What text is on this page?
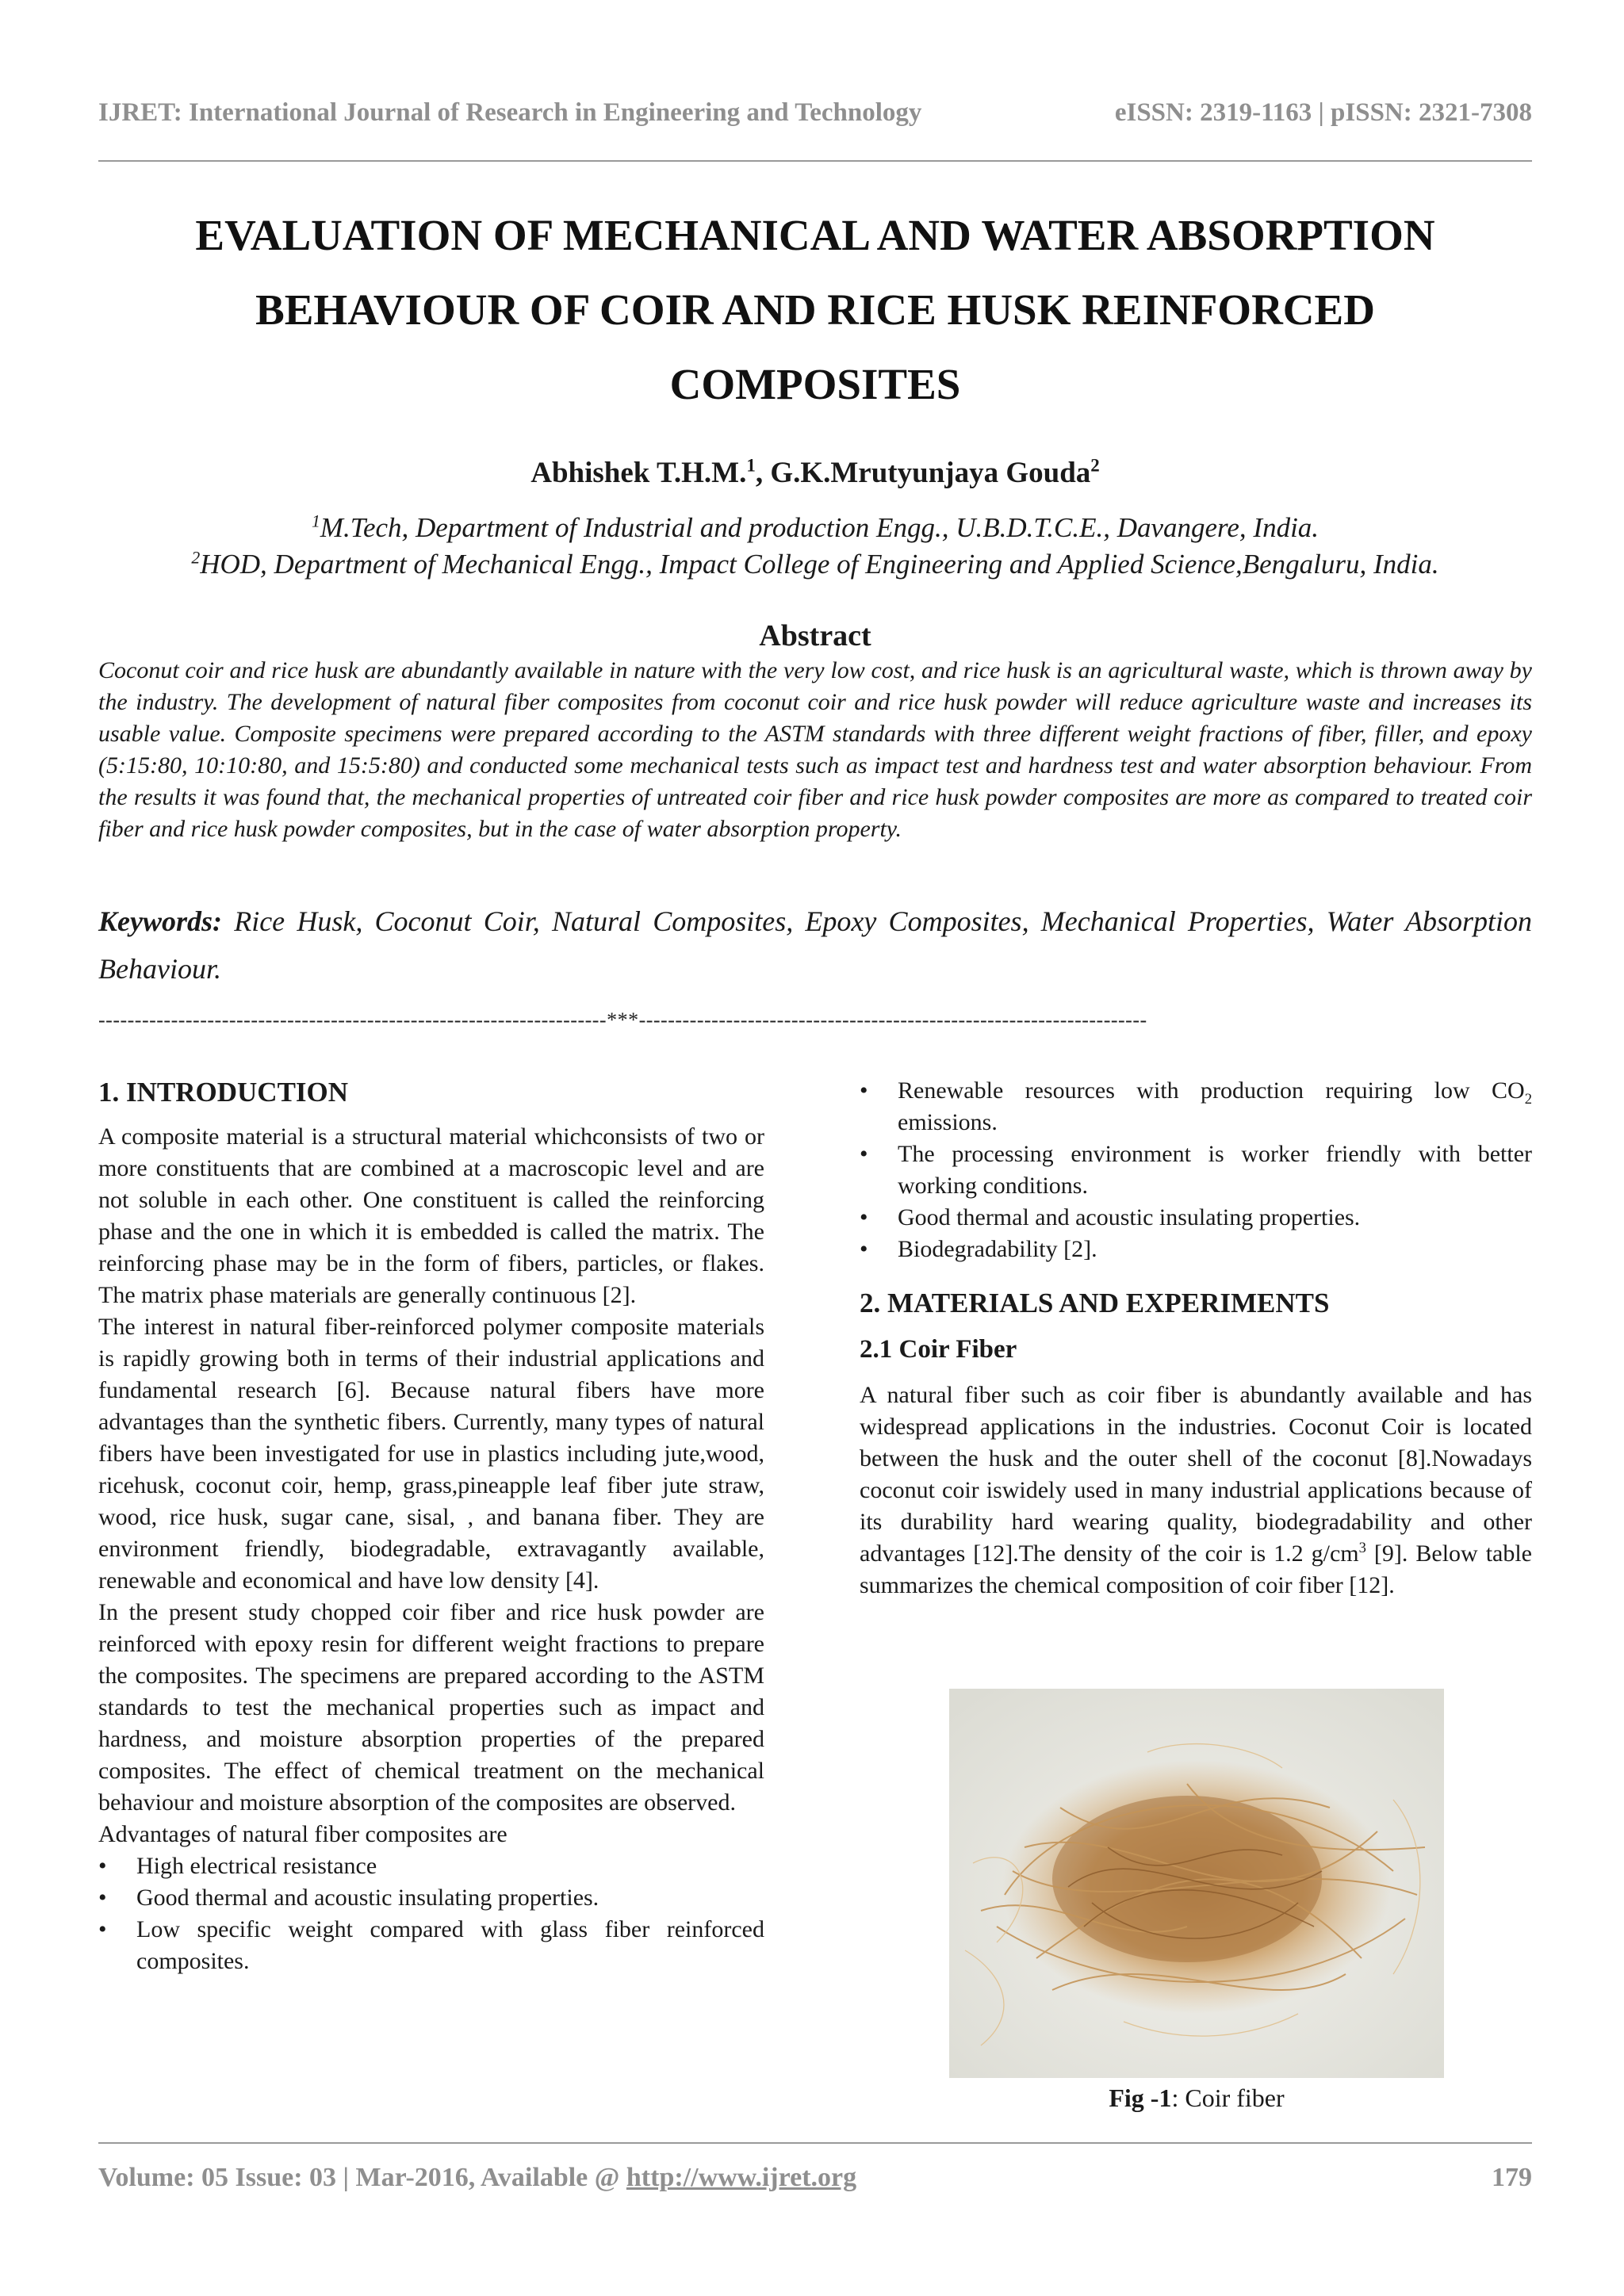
IJRET: International Journal of Research in Engineering and Technology	eISSN: 2319-1163 | pISSN: 2321-7308
EVALUATION OF MECHANICAL AND WATER ABSORPTION
BEHAVIOUR OF COIR AND RICE HUSK REINFORCED
COMPOSITES
Abhishek T.H.M.$^1$, G.K.Mrutyunjaya Gouda$^2$
$^1$M.Tech, Department of Industrial and production Engg., U.B.D.T.C.E., Davangere, India.
$^2$HOD, Department of Mechanical Engg., Impact College of Engineering and Applied Science,Bengaluru, India.
Abstract

Coconut coir and rice husk are abundantly available in nature with the very low cost, and rice husk is an agricultural waste, which is thrown away by the industry. The development of natural fiber composites from coconut coir and rice husk powder will reduce agriculture waste and increases its usable value. Composite specimens were prepared according to the ASTM standards with three different weight fractions of fiber, filler, and epoxy (5:15:80, 10:10:80, and 15:5:80) and conducted some mechanical tests such as impact test and hardness test and water absorption behaviour. From the results it was found that, the mechanical properties of untreated coir fiber and rice husk powder composites are more as compared to treated coir fiber and rice husk powder composites, but in the case of water absorption property.

Keywords: Rice Husk, Coconut Coir, Natural Composites, Epoxy Composites, Mechanical Properties, Water Absorption Behaviour.

----------------------------------------------------------------------***----------------------------------------------------------------------
1. INTRODUCTION

A composite material is a structural material whichconsists of two or more constituents that are combined at a macroscopic level and are not soluble in each other. One constituent is called the reinforcing phase and the one in which it is embedded is called the matrix. The reinforcing phase may be in the form of fibers, particles, or flakes. The matrix phase materials are generally continuous [2].

The interest in natural fiber-reinforced polymer composite materials is rapidly growing both in terms of their industrial applications and fundamental research [6]. Because natural fibers have more advantages than the synthetic fibers. Currently, many types of natural fibers have been investigated for use in plastics including jute,wood, ricehusk, coconut coir, hemp, grass,pineapple leaf fiber jute straw, wood, rice husk, sugar cane, sisal, , and banana fiber. They are environment friendly, biodegradable, extravagantly available, renewable and economical and have low density [4].

In the present study chopped coir fiber and rice husk powder are reinforced with epoxy resin for different weight fractions to prepare the composites. The specimens are prepared according to the ASTM standards to test the mechanical properties such as impact and hardness, and moisture absorption properties of the prepared composites. The effect of chemical treatment on the mechanical behaviour and moisture absorption of the composites are observed.

Advantages of natural fiber composites are

• High electrical resistance
• Good thermal and acoustic insulating properties.
• Low specific weight compared with glass fiber reinforced composites.
• Renewable resources with production requiring low $CO_2$ emissions.
• The processing environment is worker friendly with better working conditions.
• Good thermal and acoustic insulating properties.
• Biodegradability [2].
2. MATERIALS AND EXPERIMENTS
2.1 Coir Fiber

A natural fiber such as coir fiber is abundantly available and has widespread applications in the industries. Coconut Coir is located between the husk and the outer shell of the coconut [8].Nowadays coconut coir iswidely used in many industrial applications because of its durability hard wearing quality, biodegradability and other advantages [12].The density of the coir is 1.2 $g/cm^3$ [9]. Below table summarizes the chemical composition of coir fiber [12].

Fig -1: Coir fiber
Volume: 05 Issue: 03 | Mar-2016, Available @ http://www.ijret.org	179
